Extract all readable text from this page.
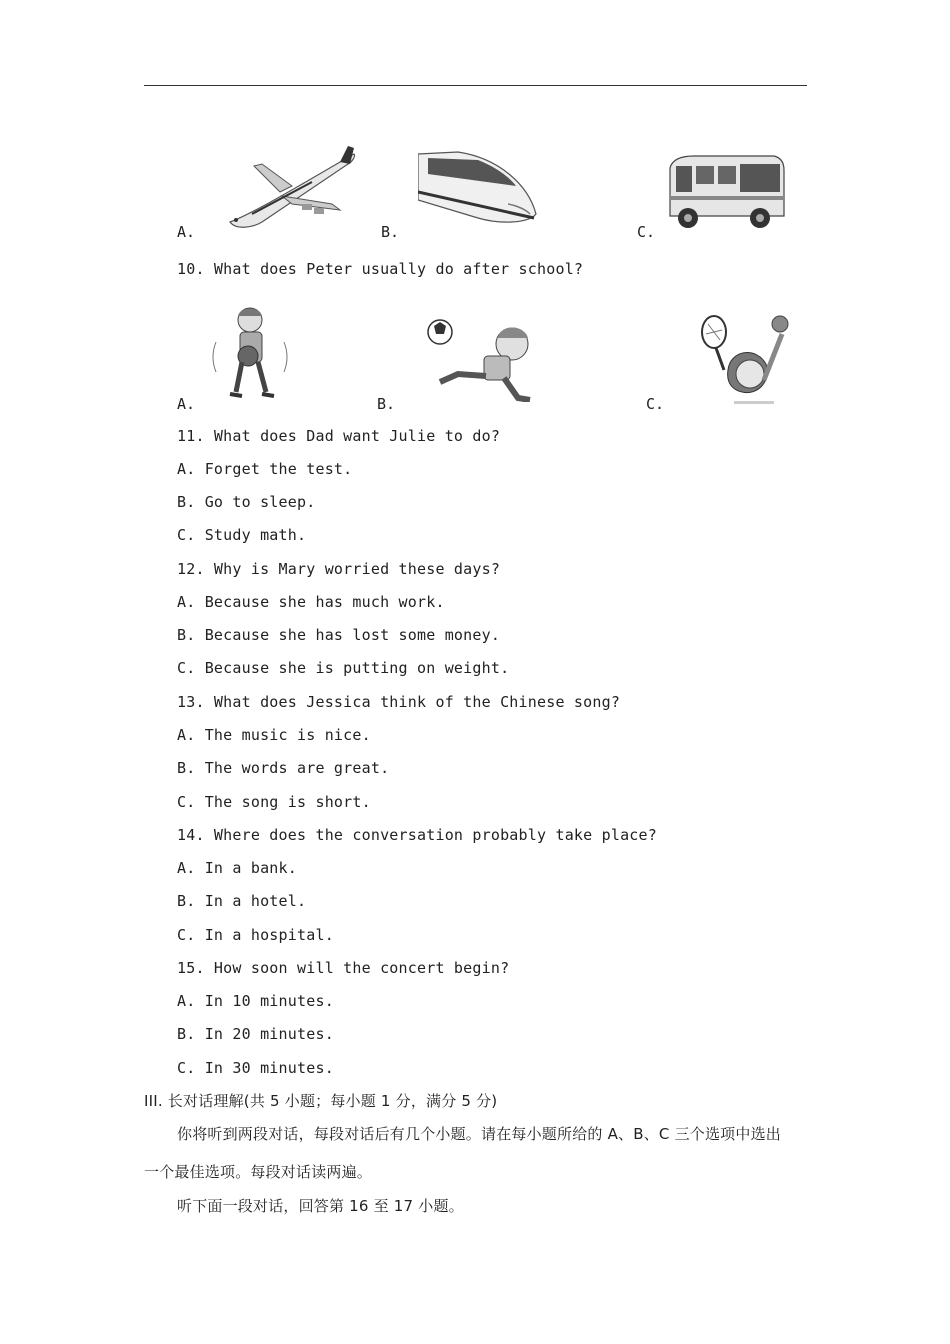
A.	B.	C.
10. What does Peter usually do after school?
A.	B.	C.
11. What does Dad want Julie to do?
A. Forget the test.
B. Go to sleep.
C. Study math.
12. Why is Mary worried these days?
A. Because she has much work.
B. Because she has lost some money.
C. Because she is putting on weight.
13. What does Jessica think of the Chinese song?
A. The music is nice.
B. The words are great.
C. The song is short.
14. Where does the conversation probably take place?
A. In a bank.
B. In a hotel.
C. In a hospital.
15. How soon will the concert begin?
A. In 10 minutes.
B. In 20 minutes.
C. In 30 minutes.
III. 长对话理解(共 5 小题；每小题 1 分，满分 5 分)
你将听到两段对话，每段对话后有几个小题。请在每小题所给的 A、B、C 三个选项中选出
一个最佳选项。每段对话读两遍。
听下面一段对话，回答第 16 至 17 小题。
